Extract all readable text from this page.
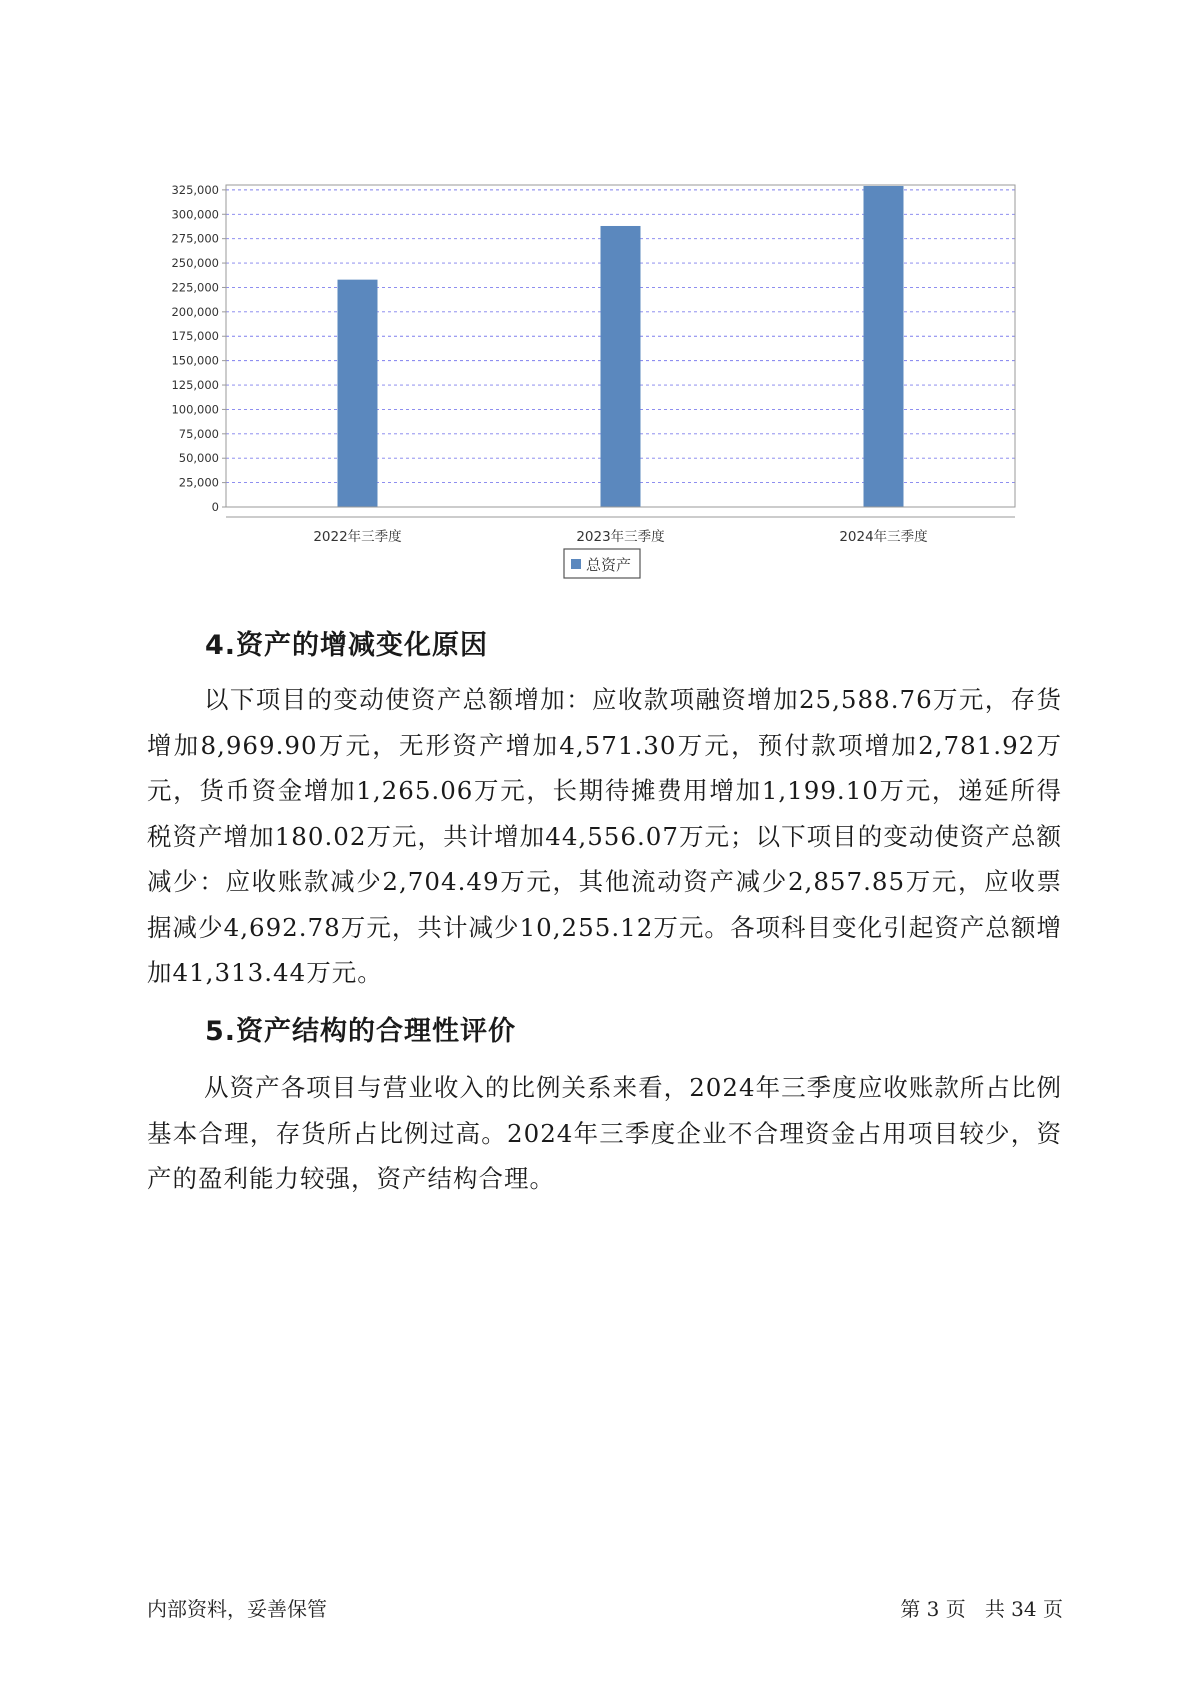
0
25,000
50,000
75,000
100,000
125,000
150,000
175,000
200,000
225,000
250,000
275,000
300,000
325,000
2022年三季度	2023年三季度	2024年三季度
总资产
4.资产的增减变化原因

以下项目的变动使资产总额增加：应收款项融资增加25,588.76万元，存货增加8,969.90万元，无形资产增加4,571.30万元，预付款项增加2,781.92万元，货币资金增加1,265.06万元，长期待摊费用增加1,199.10万元，递延所得税资产增加180.02万元，共计增加44,556.07万元；以下项目的变动使资产总额减少：应收账款减少2,704.49万元，其他流动资产减少2,857.85万元，应收票据减少4,692.78万元，共计减少10,255.12万元。各项科目变化引起资产总额增加41,313.44万元。

5.资产结构的合理性评价

从资产各项目与营业收入的比例关系来看，2024年三季度应收账款所占比例基本合理，存货所占比例过高。2024年三季度企业不合理资金占用项目较少，资产的盈利能力较强，资产结构合理。

内部资料，妥善保管	第 3 页   共 34 页
